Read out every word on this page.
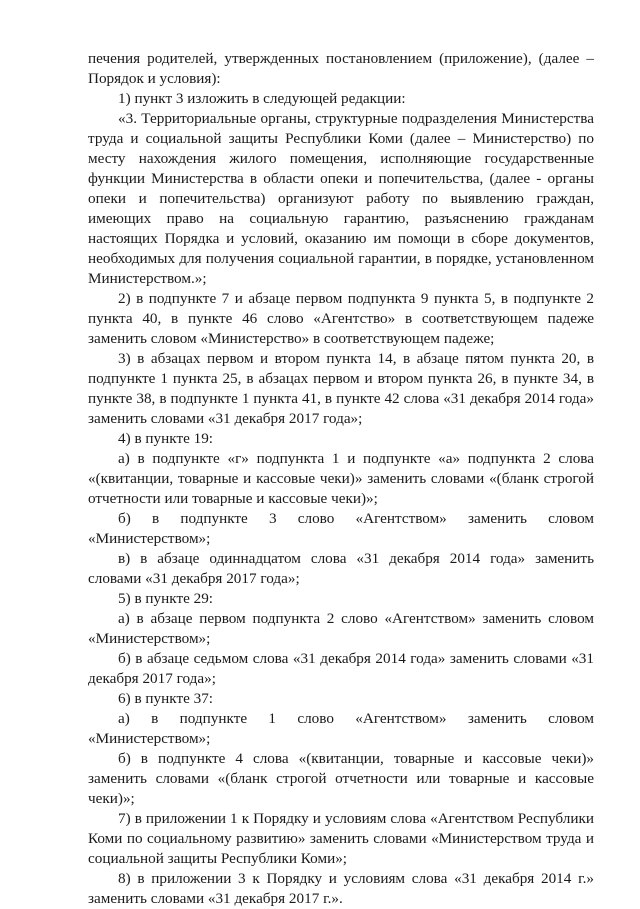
печения родителей, утвержденных постановлением (приложение), (далее – Порядок и условия):

1) пункт 3 изложить в следующей редакции:

«3. Территориальные органы, структурные подразделения Министерства труда и социальной защиты Республики Коми (далее – Министерство) по месту нахождения жилого помещения, исполняющие государственные функции Министерства в области опеки и попечительства, (далее - органы опеки и попечительства) организуют работу по выявлению граждан, имеющих право на социальную гарантию, разъяснению гражданам настоящих Порядка и условий, оказанию им помощи в сборе документов, необходимых для получения социальной гарантии, в порядке, установленном Министерством.»;

2) в подпункте 7 и абзаце первом подпункта 9 пункта 5, в подпункте 2 пункта 40, в пункте 46 слово «Агентство» в соответствующем падеже заменить словом «Министерство» в соответствующем падеже;

3) в абзацах первом и втором пункта 14, в абзаце пятом пункта 20, в подпункте 1 пункта 25, в абзацах первом и втором пункта 26, в пункте 34, в пункте 38, в подпункте 1 пункта 41, в пункте 42 слова «31 декабря 2014 года» заменить словами «31 декабря 2017 года»;

4) в пункте 19:

а) в подпункте «г» подпункта 1 и подпункте «а» подпункта 2 слова «(квитанции, товарные и кассовые чеки)» заменить словами «(бланк строгой отчетности или товарные и кассовые чеки)»;

б) в подпункте 3 слово «Агентством» заменить словом «Министерством»;

в) в абзаце одиннадцатом слова «31 декабря 2014 года» заменить словами «31 декабря 2017 года»;

5) в пункте 29:

а) в абзаце первом подпункта 2 слово «Агентством» заменить словом «Министерством»;

б) в абзаце седьмом слова «31 декабря 2014 года» заменить словами «31 декабря 2017 года»;

6) в пункте 37:

а) в подпункте 1 слово «Агентством» заменить словом «Министерством»;

б) в подпункте 4 слова «(квитанции, товарные и кассовые чеки)» заменить словами «(бланк строгой отчетности или товарные и кассовые чеки)»;

7) в приложении 1 к Порядку и условиям слова «Агентством Республики Коми по социальному развитию» заменить словами «Министерством труда и социальной защиты Республики Коми»;

8) в приложении 3 к Порядку и условиям слова «31 декабря 2014 г.» заменить словами «31 декабря 2017 г.».
